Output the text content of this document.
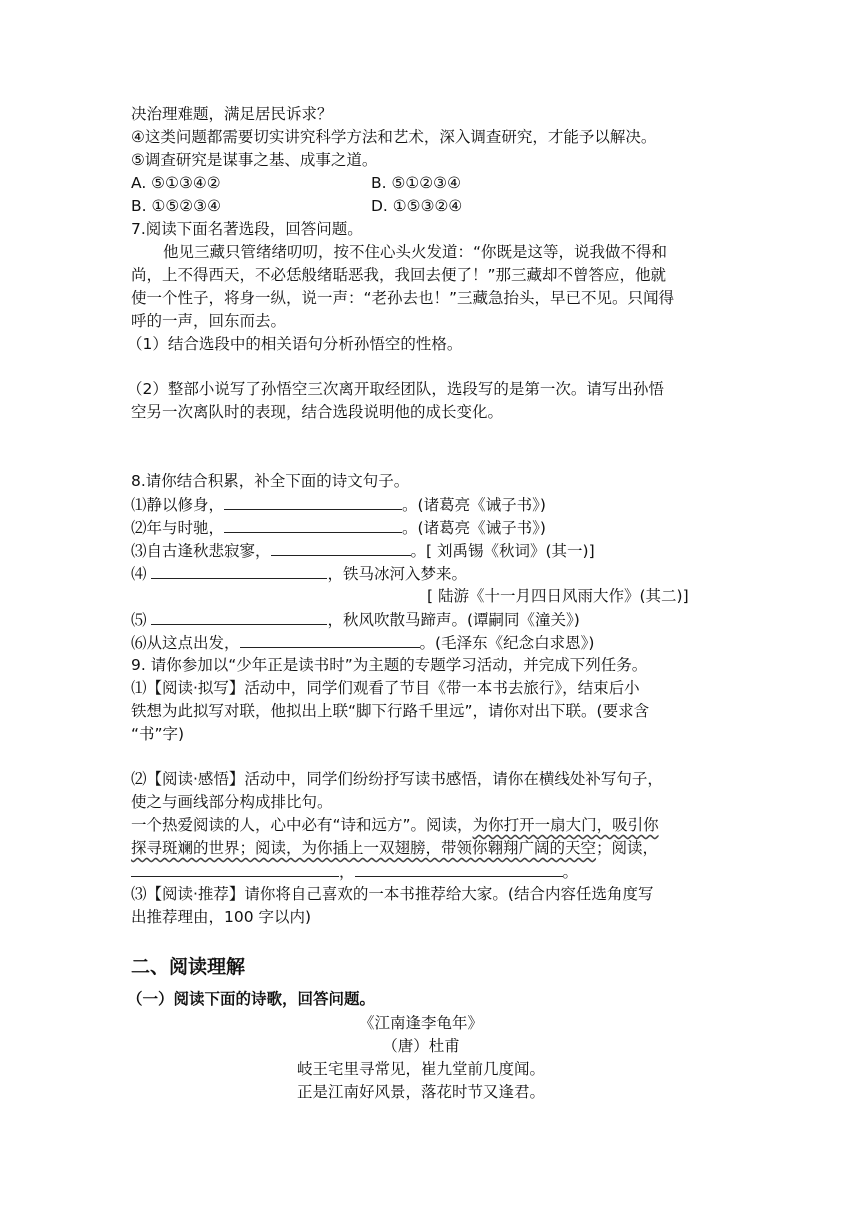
决治理难题，满足居民诉求？
④这类问题都需要切实讲究科学方法和艺术，深入调查研究，才能予以解决。
⑤调查研究是谋事之基、成事之道。
A. ⑤①③④②	B. ⑤①②③④
B. ①⑤②③④	D. ①⑤③②④
7.阅读下面名著选段，回答问题。
他见三藏只管绪绪叨叨，按不住心头火发道：“你既是这等，说我做不得和
尚，上不得西天，不必恁般绪聒恶我，我回去便了！”那三藏却不曾答应，他就
使一个性子，将身一纵，说一声：“老孙去也！”三藏急抬头，早已不见。只闻得
呼的一声，回东而去。
（1）结合选段中的相关语句分析孙悟空的性格。
（2）整部小说写了孙悟空三次离开取经团队，选段写的是第一次。请写出孙悟
空另一次离队时的表现，结合选段说明他的成长变化。
8.请你结合积累，补全下面的诗文句子。
⑴静以修身，	。(诸葛亮《诫子书》)
⑵年与时驰，	。(诸葛亮《诫子书》)
⑶自古逢秋悲寂寥，	。[ 刘禹锡《秋词》(其一)]
⑷	，铁马冰河入梦来。
[ 陆游《十一月四日风雨大作》(其二)]
⑸	，秋风吹散马蹄声。(谭嗣同《潼关》)
⑹从这点出发，	。(毛泽东《纪念白求恩》)
9. 请你参加以“少年正是读书时”为主题的专题学习活动，并完成下列任务。
⑴【阅读·拟写】活动中，同学们观看了节目《带一本书去旅行》，结束后小
铁想为此拟写对联，他拟出上联“脚下行路千里远”，请你对出下联。(要求含
“书”字)
⑵【阅读·感悟】活动中，同学们纷纷抒写读书感悟，请你在横线处补写句子，
使之与画线部分构成排比句。
一个热爱阅读的人，心中必有“诗和远方”。阅读，为你打开一扇大门，吸引你
探寻斑斓的世界；阅读，为你插上一双翅膀，带领你翱翔广阔的天空；阅读，
，	。
⑶【阅读·推荐】请你将自己喜欢的一本书推荐给大家。(结合内容任选角度写
出推荐理由，100 字以内)
二、阅读理解
（一）阅读下面的诗歌，回答问题。
《江南逢李龟年》
（唐）杜甫
岐王宅里寻常见，崔九堂前几度闻。
正是江南好风景，落花时节又逢君。
